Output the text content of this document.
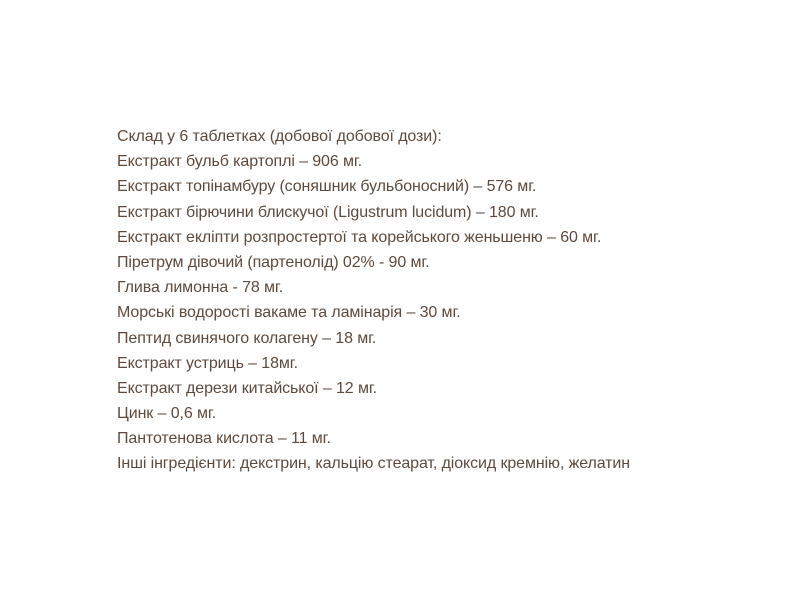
Склад у 6 таблетках (добової добової дози):
Екстракт бульб картоплі – 906 мг.
Екстракт топінамбуру (соняшник бульбоносний) – 576 мг.
Екстракт бірючини блискучої (Ligustrum lucidum) – 180 мг.
Екстракт екліпти розпростертої та корейського женьшеню – 60 мг.
Піретрум дівочий (партенолід) 02% - 90 мг.
Глива лимонна - 78 мг.
Морські водорості вакаме та ламінарія – 30 мг.
Пептид свинячого колагену – 18 мг.
Екстракт устриць – 18мг.
Екстракт дерези китайської – 12 мг.
Цинк – 0,6 мг.
Пантотенова кислота – 11 мг.
Інші інгредієнти: декстрин, кальцію стеарат, діоксид кремнію, желатин
